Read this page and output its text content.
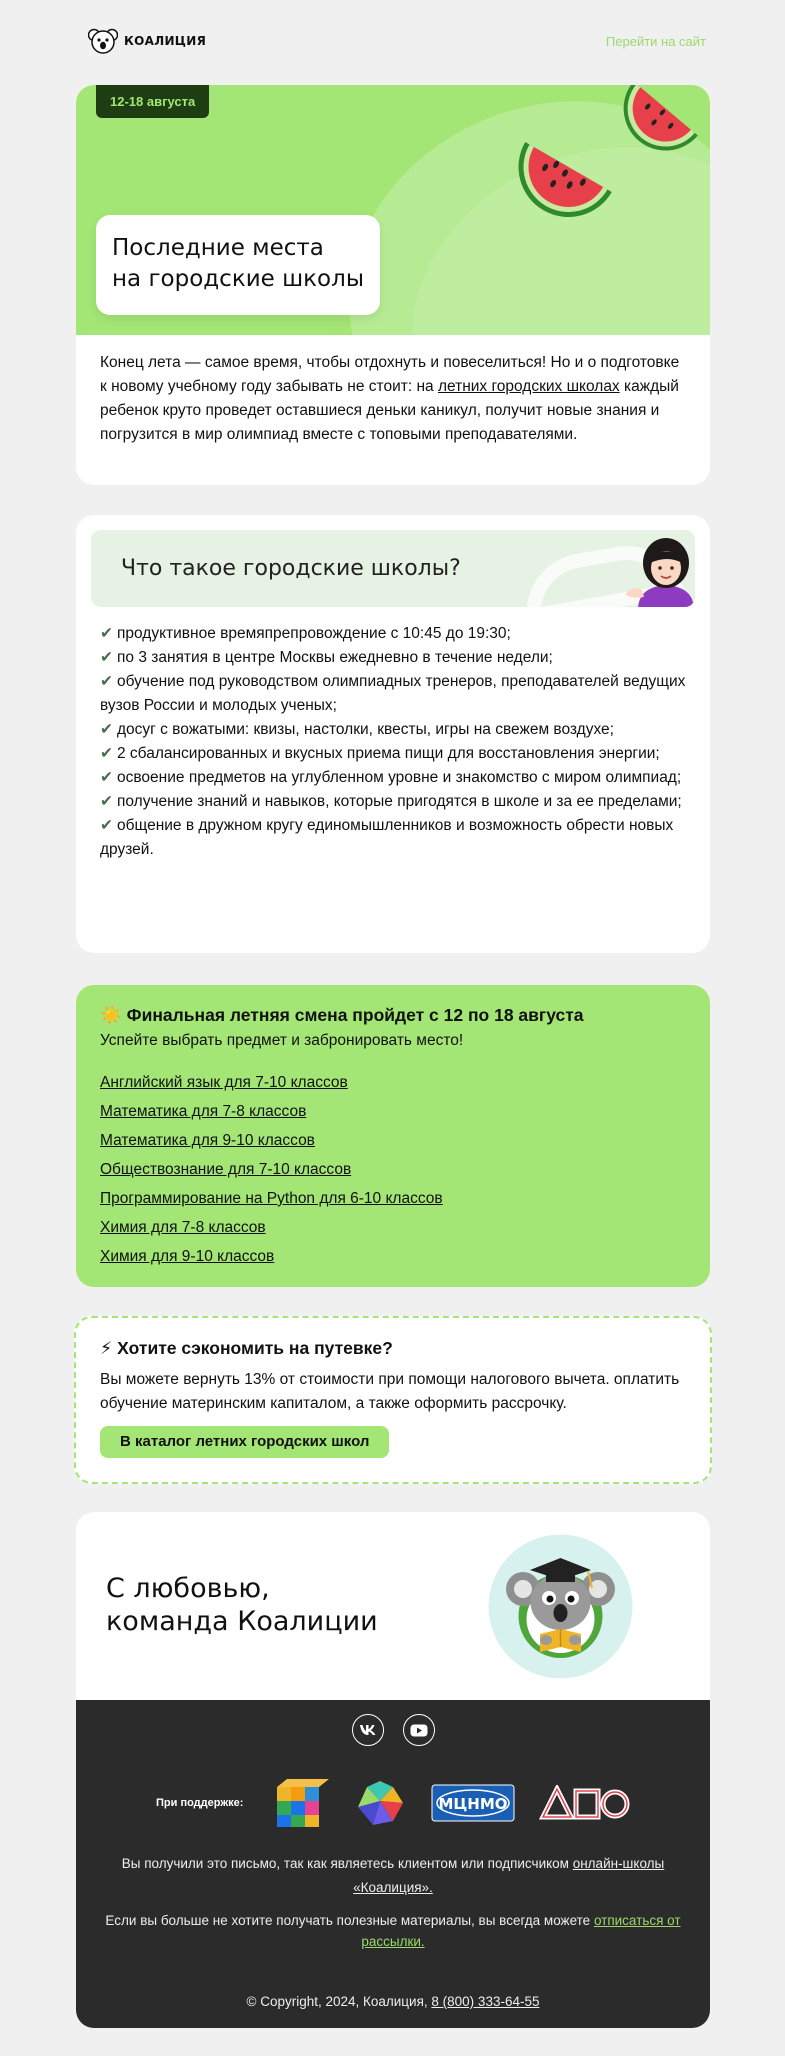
КОАЛИЦИЯ	Перейти на сайт
12-18 августа
Последние места
на городские школы
Конец лета — самое время, чтобы отдохнуть и повеселиться! Но и о подготовке к новому учебному году забывать не стоит: на летних городских школах каждый ребенок круто проведет оставшиеся деньки каникул, получит новые знания и погрузится в мир олимпиад вместе с топовыми преподавателями.
Что такое городские школы?
✔ продуктивное времяпрепровождение с 10:45 до 19:30;
✔ по 3 занятия в центре Москвы ежедневно в течение недели;
✔ обучение под руководством олимпиадных тренеров, преподавателей ведущих вузов России и молодых ученых;
✔ досуг с вожатыми: квизы, настолки, квесты, игры на свежем воздухе;
✔ 2 сбалансированных и вкусных приема пищи для восстановления энергии;
✔ освоение предметов на углубленном уровне и знакомство с миром олимпиад;
✔ получение знаний и навыков, которые пригодятся в школе и за ее пределами;
✔ общение в дружном кругу единомышленников и возможность обрести новых друзей.
☀️ Финальная летняя смена пройдет с 12 по 18 августа
Успейте выбрать предмет и забронировать место!
Английский язык для 7-10 классов
Математика для 7-8 классов
Математика для 9-10 классов
Обществознание для 7-10 классов
Программирование на Python для 6-10 классов
Химия для 7-8 классов
Химия для 9-10 классов
⚡ Хотите сэкономить на путевке?
Вы можете вернуть 13% от стоимости при помощи налогового вычета. оплатить обучение материнским капиталом, а также оформить рассрочку.
В каталог летних городских школ
С любовью,
команда Коалиции
При поддержке:	МЦНМО
Вы получили это письмо, так как являетесь клиентом или подписчиком онлайн-школы «Коалиция».
Если вы больше не хотите получать полезные материалы, вы всегда можете отписаться от рассылки.
© Copyright, 2024, Коалиция, 8 (800) 333-64-55
